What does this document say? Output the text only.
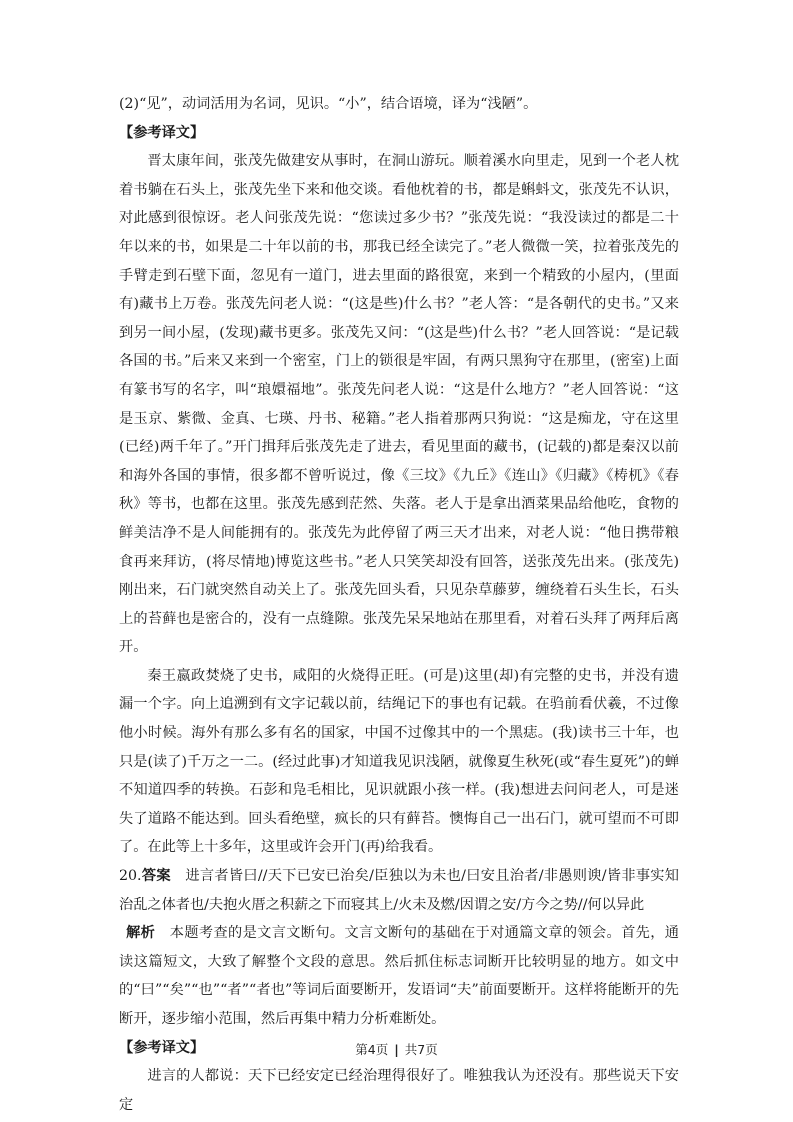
(2)“见”，动词活用为名词，见识。“小”，结合语境，译为“浅陋”。

【参考译文】

晋太康年间，张茂先做建安从事时，在洞山游玩。顺着溪水向里走，见到一个老人枕着书躺在石头上，张茂先坐下来和他交谈。看他枕着的书，都是蝌蚪文，张茂先不认识，对此感到很惊讶。老人问张茂先说：“您读过多少书？”张茂先说：“我没读过的都是二十年以来的书，如果是二十年以前的书，那我已经全读完了。”老人微微一笑，拉着张茂先的手臂走到石壁下面，忽见有一道门，进去里面的路很宽，来到一个精致的小屋内，(里面有)藏书上万卷。张茂先问老人说：“(这是些)什么书？”老人答：“是各朝代的史书。”又来到另一间小屋，(发现)藏书更多。张茂先又问：“(这是些)什么书？”老人回答说：“是记载各国的书。”后来又来到一个密室，门上的锁很是牢固，有两只黑狗守在那里，(密室)上面有篆书写的名字，叫“琅嬛福地”。张茂先问老人说：“这是什么地方？”老人回答说：“这是玉京、紫微、金真、七瑛、丹书、秘籍。”老人指着那两只狗说：“这是痴龙，守在这里(已经)两千年了。”开门揖拜后张茂先走了进去，看见里面的藏书，(记载的)都是秦汉以前和海外各国的事情，很多都不曾听说过，像《三坟》《九丘》《连山》《归藏》《梼杌》《春秋》等书，也都在这里。张茂先感到茫然、失落。老人于是拿出酒菜果品给他吃，食物的鲜美洁净不是人间能拥有的。张茂先为此停留了两三天才出来，对老人说：“他日携带粮食再来拜访，(将尽情地)博览这些书。”老人只笑笑却没有回答，送张茂先出来。(张茂先)刚出来，石门就突然自动关上了。张茂先回头看，只见杂草藤萝，缠绕着石头生长，石头上的苔藓也是密合的，没有一点缝隙。张茂先呆呆地站在那里看，对着石头拜了两拜后离开。

秦王嬴政焚烧了史书，咸阳的火烧得正旺。(可是)这里(却)有完整的史书，并没有遗漏一个字。向上追溯到有文字记载以前，结绳记下的事也有记载。在驺前看伏羲，不过像他小时候。海外有那么多有名的国家，中国不过像其中的一个黑痣。(我)读书三十年，也只是(读了)千万之一二。(经过此事)才知道我见识浅陋，就像夏生秋死(或“春生夏死”)的蝉不知道四季的转换。石彭和凫毛相比，见识就跟小孩一样。(我)想进去问问老人，可是迷失了道路不能达到。回头看绝壁，疯长的只有藓苔。懊悔自己一出石门，就可望而不可即了。在此等上十多年，这里或许会开门(再)给我看。

20.答案　 进言者皆曰//天下已安已治矣/臣独以为未也/曰安且治者/非愚则谀/皆非事实知治乱之体者也/夫抱火厝之积薪之下而寝其上/火未及燃/因谓之安/方今之势//何以异此

解析　 本题考查的是文言文断句。文言文断句的基础在于对通篇文章的领会。首先，通读这篇短文，大致了解整个文段的意思。然后抓住标志词断开比较明显的地方。如文中的“曰”“矣”“也”“者”“者也”等词后面要断开，发语词“夫”前面要断开。这样将能断开的先断开，逐步缩小范围，然后再集中精力分析难断处。

【参考译文】

进言的人都说：天下已经安定已经治理得很好了。唯独我认为还没有。那些说天下安定

第4页 | 共7页
